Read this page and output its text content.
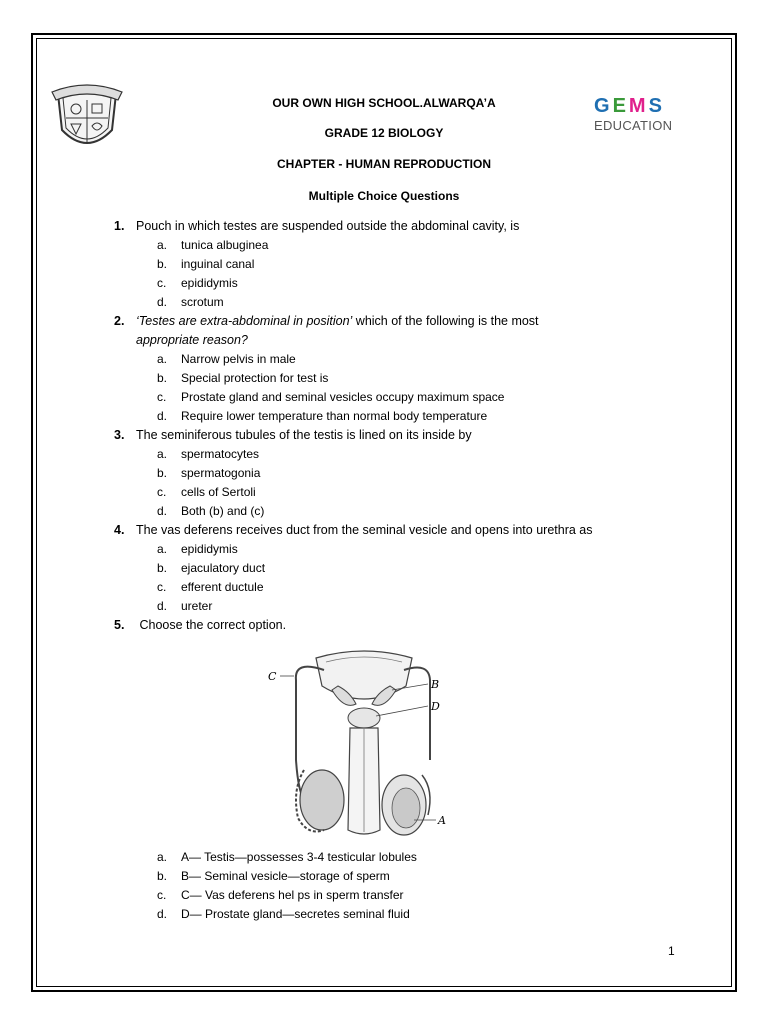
G E M S
EDUCATION
OUR OWN HIGH SCHOOL.ALWARQA’A
GRADE 12 BIOLOGY
CHAPTER - HUMAN REPRODUCTION
Multiple Choice Questions
1. Pouch in which testes are suspended outside the abdominal cavity, is
a. tunica albuginea
b. inguinal canal
c. epididymis
d. scrotum
2. ‘Testes are extra-abdominal in position’ which of the following is the most
appropriate reason?
a. Narrow pelvis in male
b. Special protection for test is
c. Prostate gland and seminal vesicles occupy maximum space
d. Require lower temperature than normal body temperature
3. The seminiferous tubules of the testis is lined on its inside by
a. spermatocytes
b. spermatogonia
c. cells of Sertoli
d. Both (b) and (c)
4. The vas deferens receives duct from the seminal vesicle and opens into urethra as
a. epididymis
b. ejaculatory duct
c. efferent ductule
d. ureter
5. Choose the correct option.
C
B
D
A
a. A— Testis—possesses 3-4 testicular lobules
b. B— Seminal vesicle—storage of sperm
c. C— Vas deferens hel ps in sperm transfer
d. D— Prostate gland—secretes seminal fluid
1
